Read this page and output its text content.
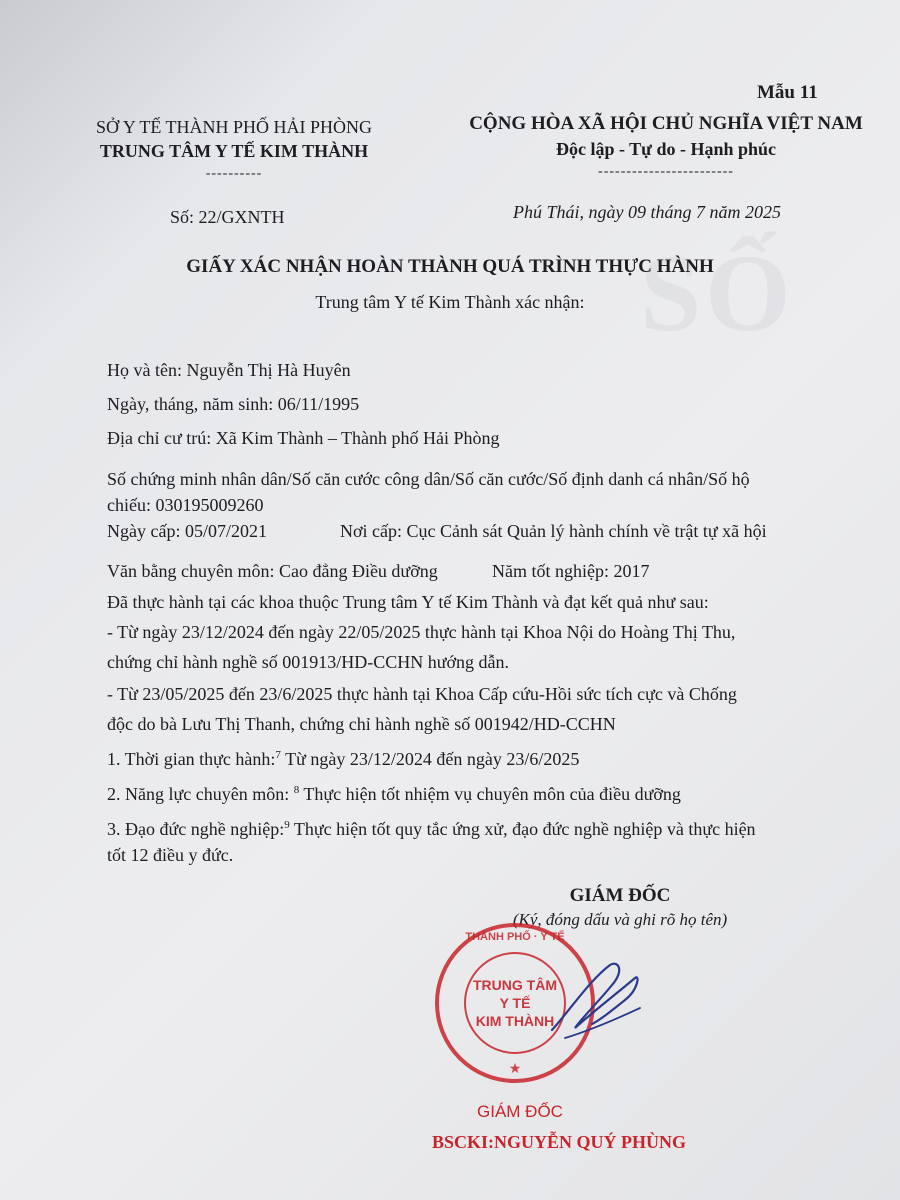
SỐ
Mẫu 11
SỞ Y TẾ THÀNH PHỐ HẢI PHÒNG
TRUNG TÂM Y TẾ KIM THÀNH
----------
CỘNG HÒA XÃ HỘI CHỦ NGHĨA VIỆT NAM
Độc lập - Tự do - Hạnh phúc
------------------------
Số: 22/GXNTH	Phú Thái, ngày 09 tháng 7 năm 2025
GIẤY XÁC NHẬN HOÀN THÀNH QUÁ TRÌNH THỰC HÀNH
Trung tâm Y tế Kim Thành xác nhận:
Họ và tên: Nguyễn Thị Hà Huyên
Ngày, tháng, năm sinh: 06/11/1995
Địa chỉ cư trú: Xã Kim Thành – Thành phố Hải Phòng
Số chứng minh nhân dân/Số căn cước công dân/Số căn cước/Số định danh cá nhân/Số hộ
chiếu: 030195009260
Ngày cấp: 05/07/2021	Nơi cấp: Cục Cảnh sát Quản lý hành chính về trật tự xã hội
Văn bằng chuyên môn: Cao đẳng Điều dưỡng	Năm tốt nghiệp: 2017
Đã thực hành tại các khoa thuộc Trung tâm Y tế Kim Thành và đạt kết quả như sau:
- Từ ngày 23/12/2024 đến ngày 22/05/2025 thực hành tại Khoa Nội do Hoàng Thị Thu,
chứng chỉ hành nghề số 001913/HD-CCHN hướng dẫn.
- Từ 23/05/2025 đến 23/6/2025 thực hành tại Khoa Cấp cứu-Hồi sức tích cực và Chống
độc do bà Lưu Thị Thanh, chứng chỉ hành nghề số 001942/HD-CCHN
1. Thời gian thực hành:$^7$ Từ ngày 23/12/2024 đến ngày 23/6/2025
2. Năng lực chuyên môn: $^8$ Thực hiện tốt nhiệm vụ chuyên môn của điều dưỡng
3. Đạo đức nghề nghiệp:$^9$ Thực hiện tốt quy tắc ứng xử, đạo đức nghề nghiệp và thực hiện
tốt 12 điều y đức.
GIÁM ĐỐC
(Ký, đóng dấu và ghi rõ họ tên)
THÀNH PHỐ · Y TẾ
★
TRUNG TÂM
Y TẾ
KIM THÀNH
GIÁM ĐỐC
BSCKI:NGUYỄN QUÝ PHÙNG
